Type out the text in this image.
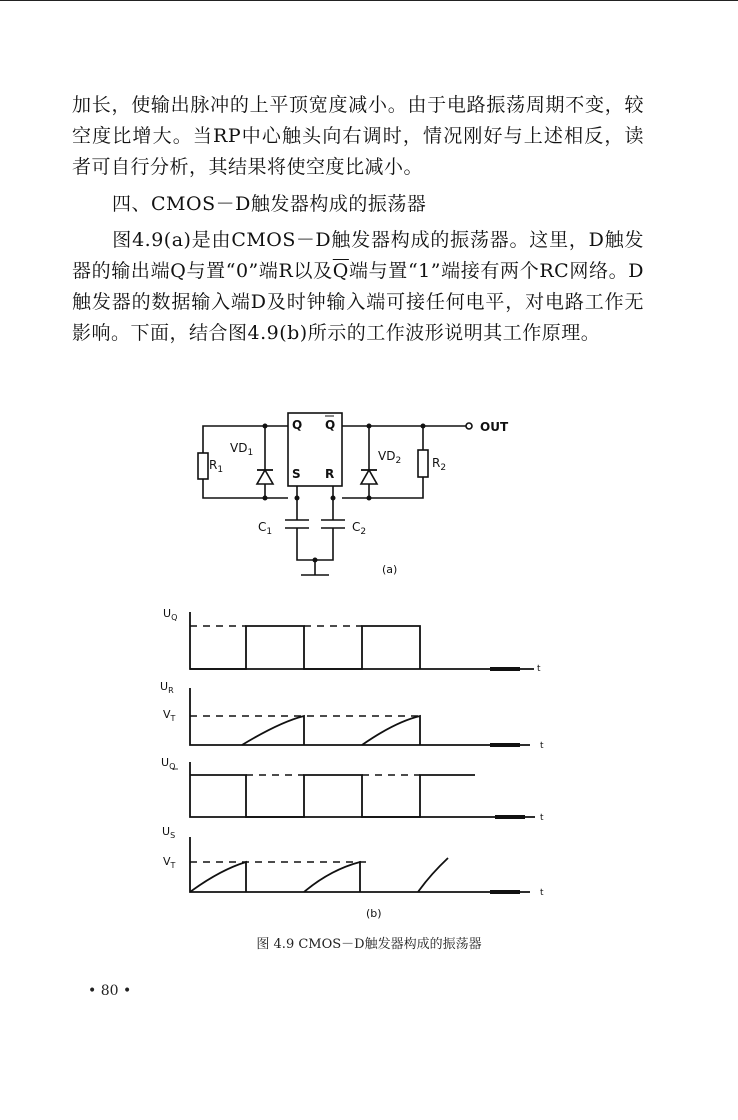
加长，使输出脉冲的上平顶宽度减小。由于电路振荡周期不变，较空度比增大。当RP中心触头向右调时，情况刚好与上述相反，读者可自行分析，其结果将使空度比减小。

四、CMOS－D触发器构成的振荡器

图4.9(a)是由CMOS－D触发器构成的振荡器。这里，D触发器的输出端Q与置“0”端R以及$\overline{Q}$端与置“1”端接有两个RC网络。D触发器的数据输入端D及时钟输入端可接任何电平，对电路工作无影响。下面，结合图4.9(b)所示的工作波形说明其工作原理。

Q Q
S R
OUT
$R_1$	$R_2$
$VD_1$	$VD_2$
$C_1$	$C_2$
(a)
$U_Q$
$U_R$
$U_Q$
$U_S$
$V_T$
$V_T$
t
t
t
t
(b)

图 4.9 CMOS－D触发器构成的振荡器

• 80 •
